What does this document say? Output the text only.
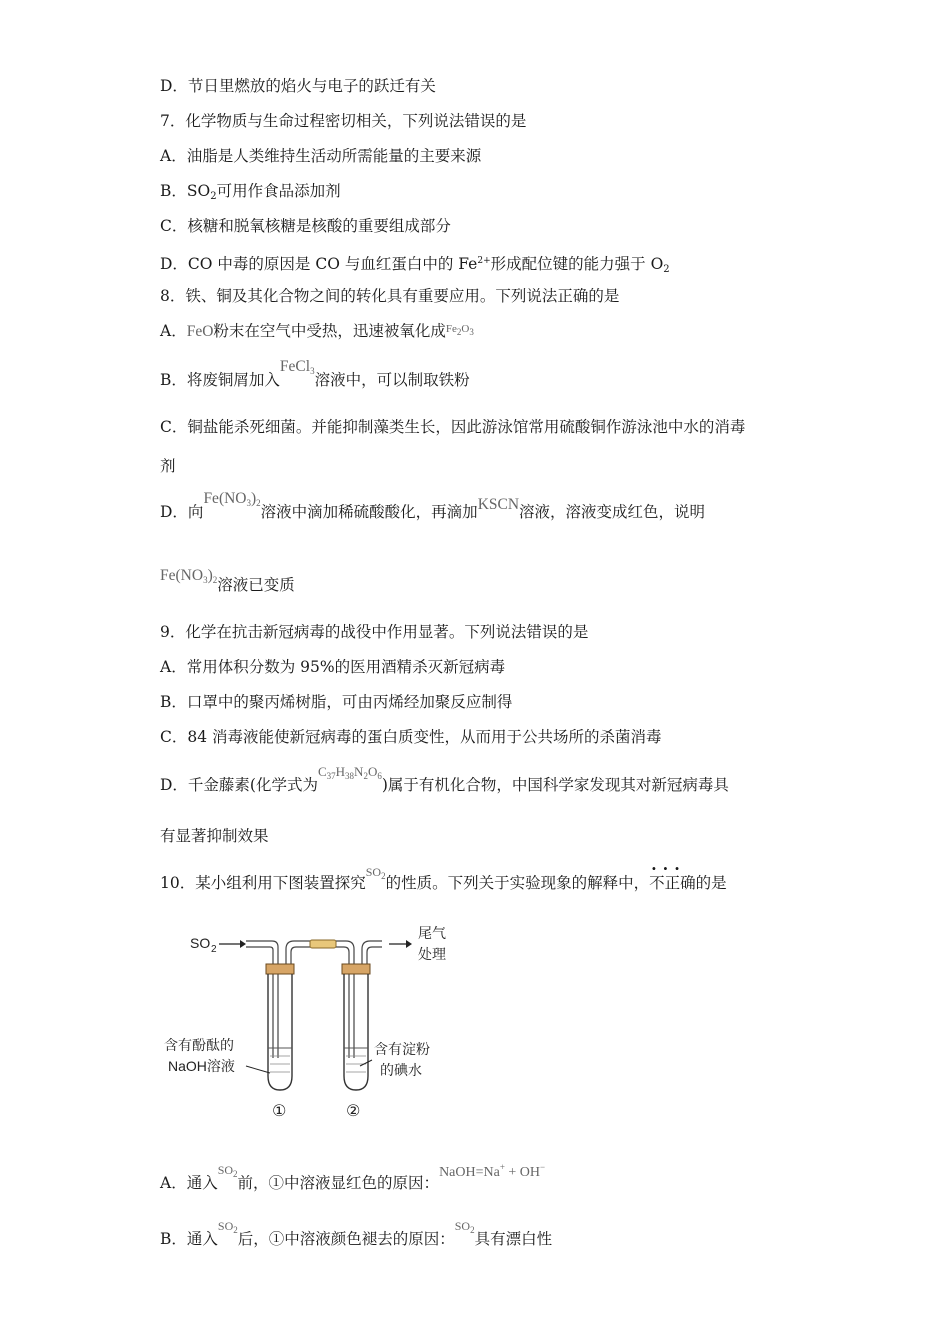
D．节日里燃放的焰火与电子的跃迁有关
7．化学物质与生命过程密切相关，下列说法错误的是
A．油脂是人类维持生活动所需能量的主要来源
B．$SO_2$可用作食品添加剂
C．核糖和脱氧核糖是核酸的重要组成部分
D．CO 中毒的原因是 CO 与血红蛋白中的 $Fe^{2+}$形成配位键的能力强于 $O_2$
8．铁、铜及其化合物之间的转化具有重要应用。下列说法正确的是
A．FeO粉末在空气中受热，迅速被氧化成$Fe_2O_3$
B．将废铜屑加入FeCl$_3$溶液中，可以制取铁粉
C．铜盐能杀死细菌。并能抑制藻类生长，因此游泳馆常用硫酸铜作游泳池中水的消毒
剂
D．向$Fe(NO_3)_2$溶液中滴加稀硫酸酸化，再滴加KSCN溶液，溶液变成红色，说明
$Fe(NO_3)_2$溶液已变质
9．化学在抗击新冠病毒的战役中作用显著。下列说法错误的是
A．常用体积分数为 95%的医用酒精杀灭新冠病毒
B．口罩中的聚丙烯树脂，可由丙烯经加聚反应制得
C．84 消毒液能使新冠病毒的蛋白质变性，从而用于公共场所的杀菌消毒
D．千金藤素(化学式为$C_{37}H_{38}N_2O_6$)属于有机化合物，中国科学家发现其对新冠病毒具
有显著抑制效果
10．某小组利用下图装置探究$SO_2$的性质。下列关于实验现象的解释中，· · · 不正确的是
SO 2
尾气
处理
含有酚酞的
NaOH溶液
含有淀粉
的碘水
①	②
A．通入$SO_2$前，①中溶液显红色的原因：NaOH=Na+ + OH−
B．通入$SO_2$后，①中溶液颜色褪去的原因：$SO_2$具有漂白性
